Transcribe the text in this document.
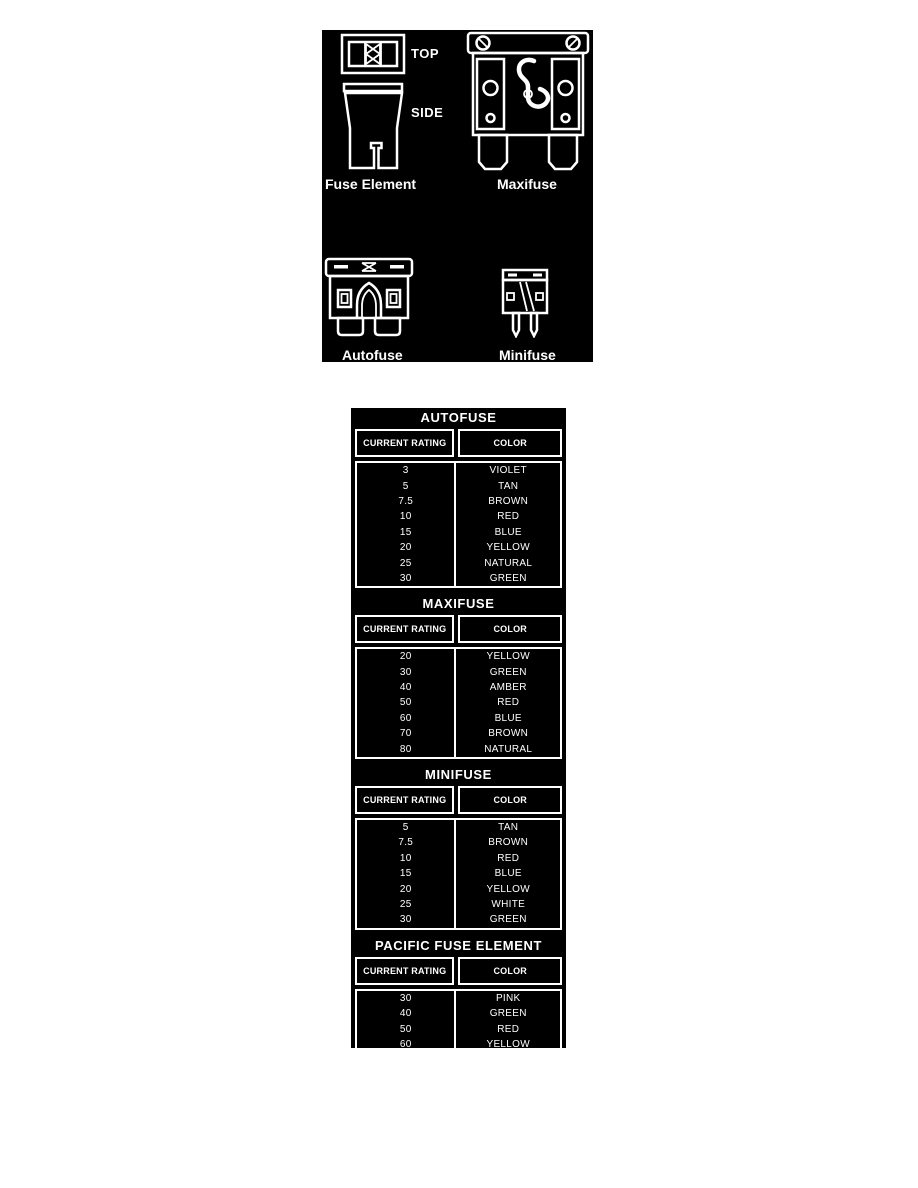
TOP
SIDE
Fuse Element	Maxifuse
Autofuse	Minifuse
AUTOFUSE
CURRENT RATING	COLOR
3	VIOLET
5	TAN
7.5	BROWN
10	RED
15	BLUE
20	YELLOW
25	NATURAL
30	GREEN
MAXIFUSE
CURRENT RATING	COLOR
20	YELLOW
30	GREEN
40	AMBER
50	RED
60	BLUE
70	BROWN
80	NATURAL
MINIFUSE
CURRENT RATING	COLOR
5	TAN
7.5	BROWN
10	RED
15	BLUE
20	YELLOW
25	WHITE
30	GREEN
PACIFIC FUSE ELEMENT
CURRENT RATING	COLOR
30	PINK
40	GREEN
50	RED
60	YELLOW
